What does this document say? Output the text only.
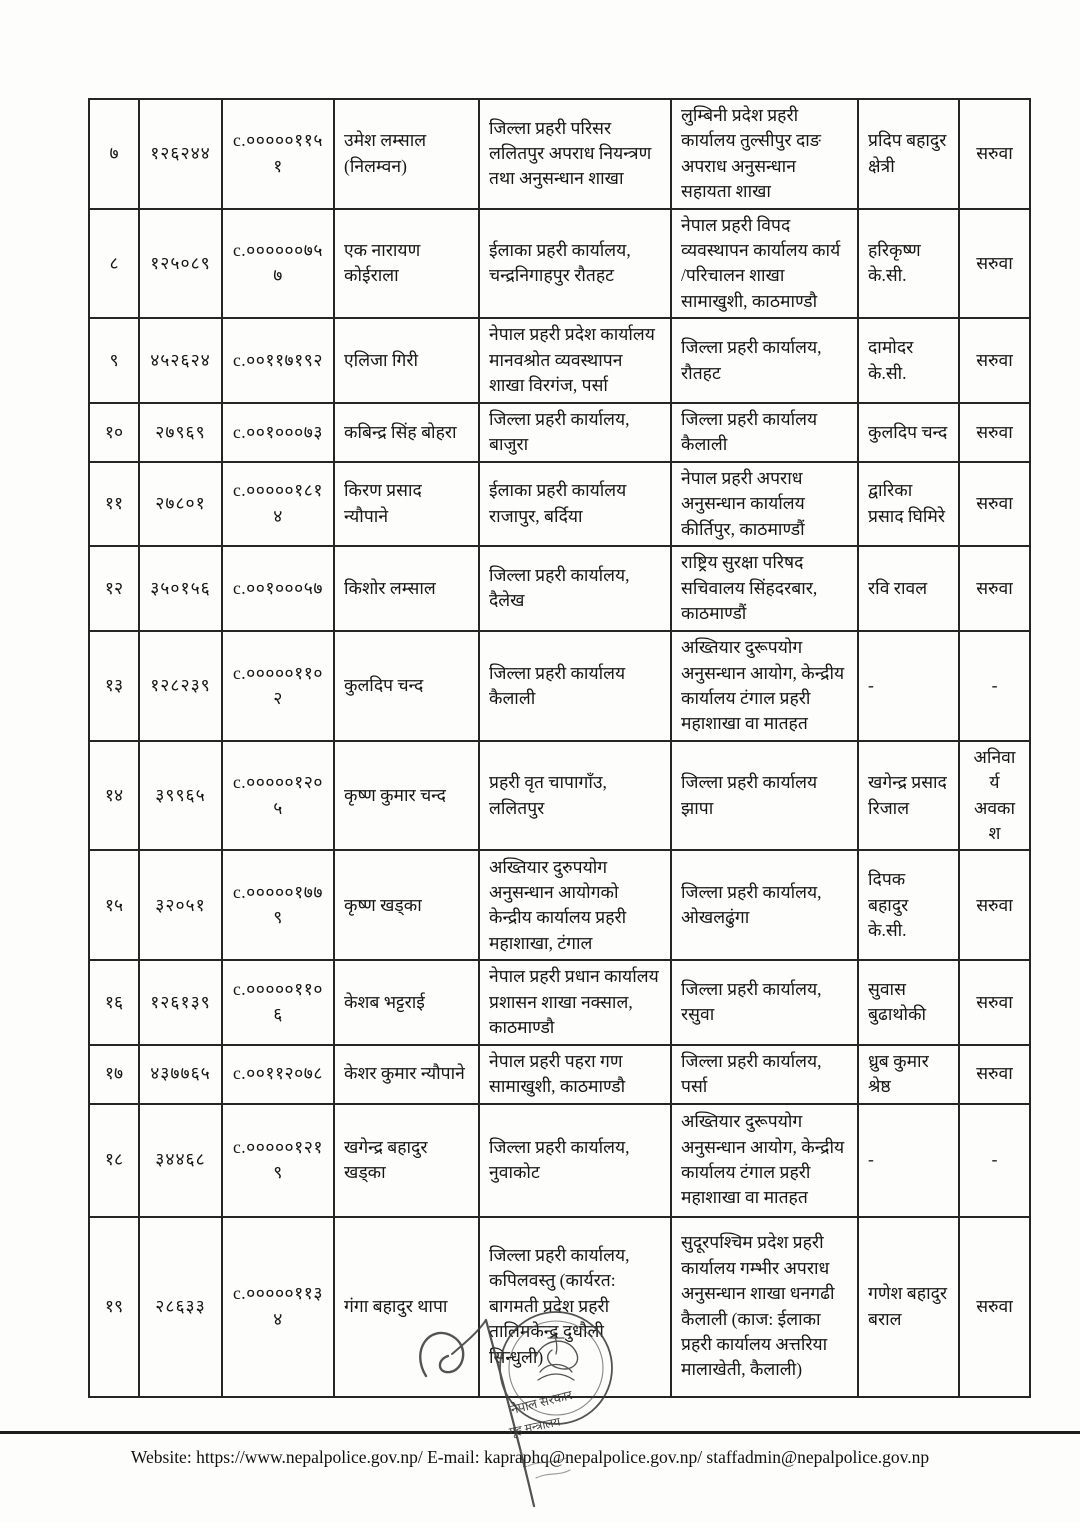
७	१२६२४४	c.०००००११५१	उमेश लम्साल (निलम्वन)	जिल्ला प्रहरी परिसर ललितपुर अपराध नियन्त्रण तथा अनुसन्धान शाखा	लुम्बिनी प्रदेश प्रहरी कार्यालय तुल्सीपुर दाङ अपराध अनुसन्धान सहायता शाखा	प्रदिप बहादुर क्षेत्री	सरुवा
८	१२५०८९	c.००००००७५७	एक नारायण कोईराला	ईलाका प्रहरी कार्यालय, चन्द्रनिगाहपुर रौतहट	नेपाल प्रहरी विपद व्यवस्थापन कार्यालय कार्य /परिचालन शाखा सामाखुशी, काठमाण्डौ	हरिकृष्ण के.सी.	सरुवा
९	४५२६२४	c.००११७१९२	एलिजा गिरी	नेपाल प्रहरी प्रदेश कार्यालय मानवश्रोत व्यवस्थापन शाखा विरगंज, पर्सा	जिल्ला प्रहरी कार्यालय, रौतहट	दामोदर के.सी.	सरुवा
१०	२७९६९	c.००१०००७३	कबिन्द्र सिंह बोहरा	जिल्ला प्रहरी कार्यालय, बाजुरा	जिल्ला प्रहरी कार्यालय कैलाली	कुलदिप चन्द	सरुवा
११	२७८०१	c.०००००१८१४	किरण प्रसाद न्यौपाने	ईलाका प्रहरी कार्यालय राजापुर, बर्दिया	नेपाल प्रहरी अपराध अनुसन्धान कार्यालय कीर्तिपुर, काठमाण्डौं	द्वारिका प्रसाद घिमिरे	सरुवा
१२	३५०१५६	c.००१०००५७	किशोर लम्साल	जिल्ला प्रहरी कार्यालय, दैलेख	राष्ट्रिय सुरक्षा परिषद सचिवालय सिंहदरबार, काठमाण्डौं	रवि रावल	सरुवा
१३	१२८२३९	c.०००००११०२	कुलदिप चन्द	जिल्ला प्रहरी कार्यालय कैलाली	अख्तियार दुरूपयोग अनुसन्धान आयोग, केन्द्रीय कार्यालय टंगाल प्रहरी महाशाखा वा मातहत	-	-
१४	३९९६५	c.०००००१२०५	कृष्ण कुमार चन्द	प्रहरी वृत चापागाँउ, ललितपुर	जिल्ला प्रहरी कार्यालय झापा	खगेन्द्र प्रसाद रिजाल	अनिवार्य अवकाश
१५	३२०५१	c.०००००१७७९	कृष्ण खड्का	अख्तियार दुरुपयोग अनुसन्धान आयोगको केन्द्रीय कार्यालय प्रहरी महाशाखा, टंगाल	जिल्ला प्रहरी कार्यालय, ओखलढुंगा	दिपक बहादुर के.सी.	सरुवा
१६	१२६१३९	c.०००००११०६	केशब भट्टराई	नेपाल प्रहरी प्रधान कार्यालय प्रशासन शाखा नक्साल, काठमाण्डौ	जिल्ला प्रहरी कार्यालय, रसुवा	सुवास बुढाथोकी	सरुवा
१७	४३७७६५	c.००११२०७८	केशर कुमार न्यौपाने	नेपाल प्रहरी पहरा गण सामाखुशी, काठमाण्डौ	जिल्ला प्रहरी कार्यालय, पर्सा	ध्रुब कुमार श्रेष्ठ	सरुवा
१८	३४४६८	c.०००००१२१९	खगेन्द्र बहादुर खड्का	जिल्ला प्रहरी कार्यालय, नुवाकोट	अख्तियार दुरूपयोग अनुसन्धान आयोग, केन्द्रीय कार्यालय टंगाल प्रहरी महाशाखा वा मातहत	-	-
१९	२८६३३	c.०००००११३४	गंगा बहादुर थापा	जिल्ला प्रहरी कार्यालय, कपिलवस्तु (कार्यरत: बागमती प्रदेश प्रहरी तालिमकेन्द्र दुधौली सिन्धुली)	सुदूरपश्चिम प्रदेश प्रहरी कार्यालय गम्भीर अपराध अनुसन्धान शाखा धनगढी कैलाली (काज: ईलाका प्रहरी कार्यालय अत्तरिया मालाखेती, कैलाली)	गणेश बहादुर बराल	सरुवा
Website: https://www.nepalpolice.gov.np/ E-mail: kapraphq@nepalpolice.gov.np/ staffadmin@nepalpolice.gov.np
नेपाल सरकार
गृह मन्त्रालय
